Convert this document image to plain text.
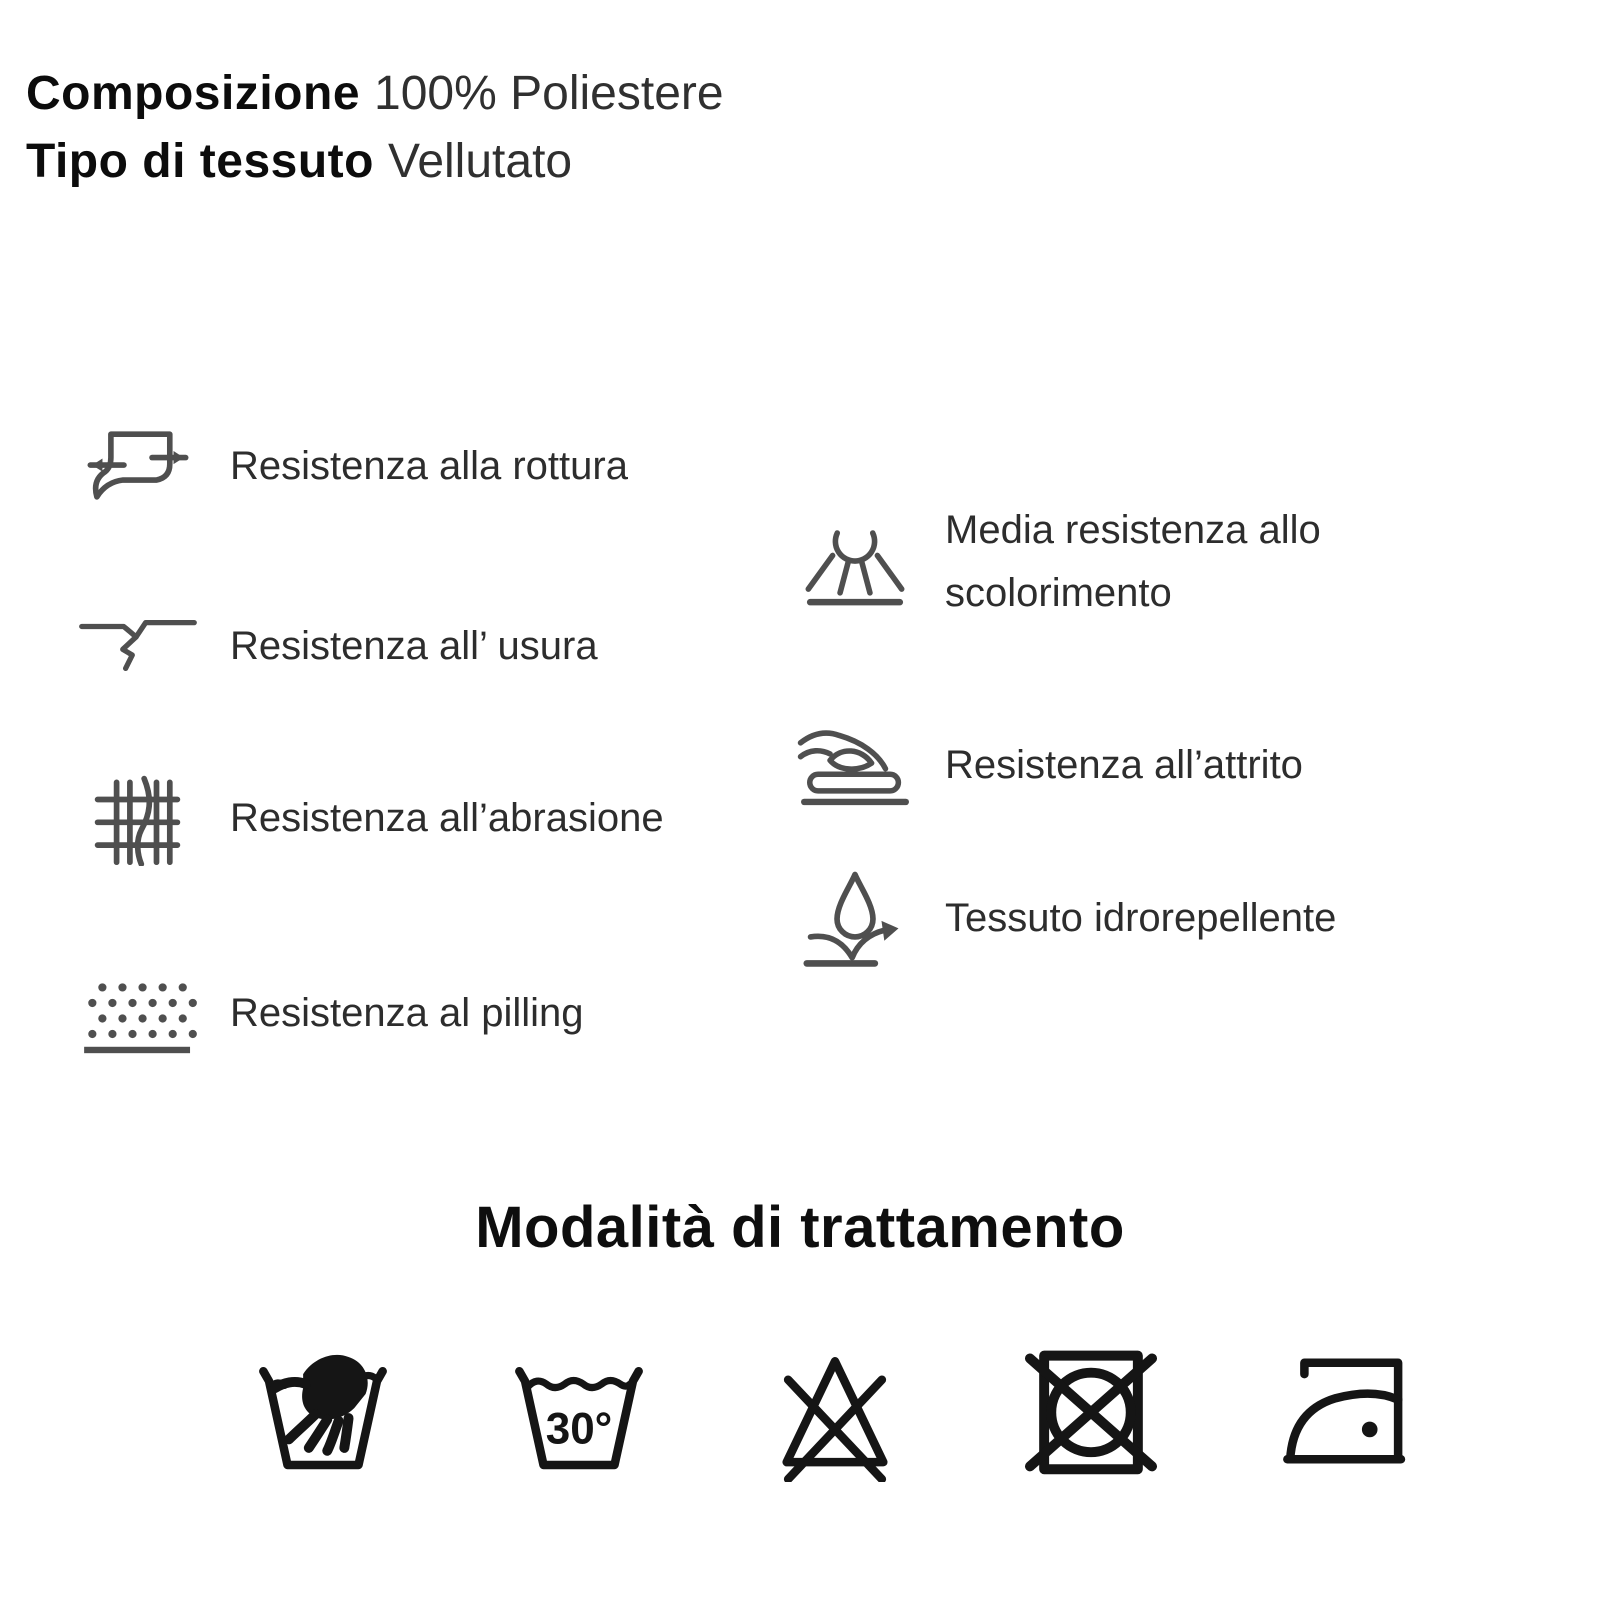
Composizione 100% Poliestere
Tipo di tessuto Vellutato
Resistenza alla rottura
Resistenza all’ usura
Resistenza all’abrasione
Resistenza al pilling
Media resistenza allo scolorimento
Resistenza all’attrito
Tessuto idrorepellente
Modalità di trattamento
30°
